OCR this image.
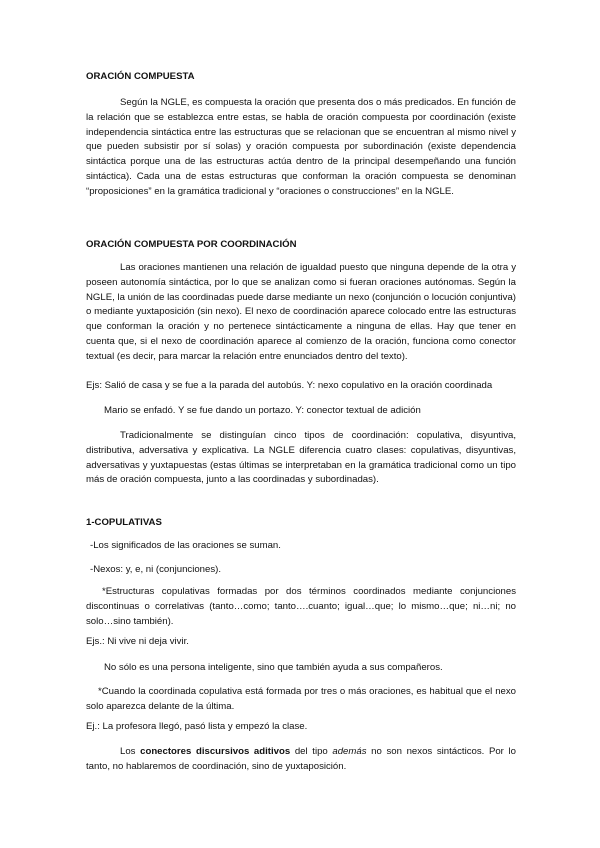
ORACIÓN COMPUESTA

Según la NGLE, es compuesta la oración que presenta dos o más predicados. En función de la relación que se establezca entre estas, se habla de oración compuesta por coordinación (existe independencia sintáctica entre las estructuras que se relacionan que se encuentran al mismo nivel y que pueden subsistir por sí solas) y oración compuesta por subordinación (existe dependencia sintáctica porque una de las estructuras actúa dentro de la principal desempeñando una función sintáctica). Cada una de estas estructuras que conforman la oración compuesta se denominan “proposiciones” en la gramática tradicional y “oraciones o construcciones” en la NGLE.

ORACIÓN COMPUESTA POR COORDINACIÓN

Las oraciones mantienen una relación de igualdad puesto que ninguna depende de la otra y poseen autonomía sintáctica, por lo que se analizan como si fueran oraciones autónomas. Según la NGLE, la unión de las coordinadas puede darse mediante un nexo (conjunción o locución conjuntiva) o mediante yuxtaposición (sin nexo). El nexo de coordinación aparece colocado entre las estructuras que conforman la oración y no pertenece sintácticamente a ninguna de ellas. Hay que tener en cuenta que, si el nexo de coordinación aparece al comienzo de la oración, funciona como conector textual (es decir, para marcar la relación entre enunciados dentro del texto).

Ejs: Salió de casa y se fue a la parada del autobús. Y: nexo copulativo en la oración coordinada
Mario se enfadó. Y se fue dando un portazo. Y: conector textual de adición

Tradicionalmente se distinguían cinco tipos de coordinación: copulativa, disyuntiva, distributiva, adversativa y explicativa. La NGLE diferencia cuatro clases: copulativas, disyuntivas, adversativas y yuxtapuestas (estas últimas se interpretaban en la gramática tradicional como un tipo más de oración compuesta, junto a las coordinadas y subordinadas).

1-COPULATIVAS
-Los significados de las oraciones se suman.
-Nexos: y, e, ni (conjunciones).

*Estructuras copulativas formadas por dos términos coordinados mediante conjunciones discontinuas o correlativas (tanto…como; tanto….cuanto; igual…que; lo mismo…que; ni…ni; no solo…sino también).

Ejs.: Ni vive ni deja vivir.
No sólo es una persona inteligente, sino que también ayuda a sus compañeros.

*Cuando la coordinada copulativa está formada por tres o más oraciones, es habitual que el nexo solo aparezca delante de la última.

Ej.: La profesora llegó, pasó lista y empezó la clase.

Los conectores discursivos aditivos del tipo además no son nexos sintácticos. Por lo tanto, no hablaremos de coordinación, sino de yuxtaposición.
